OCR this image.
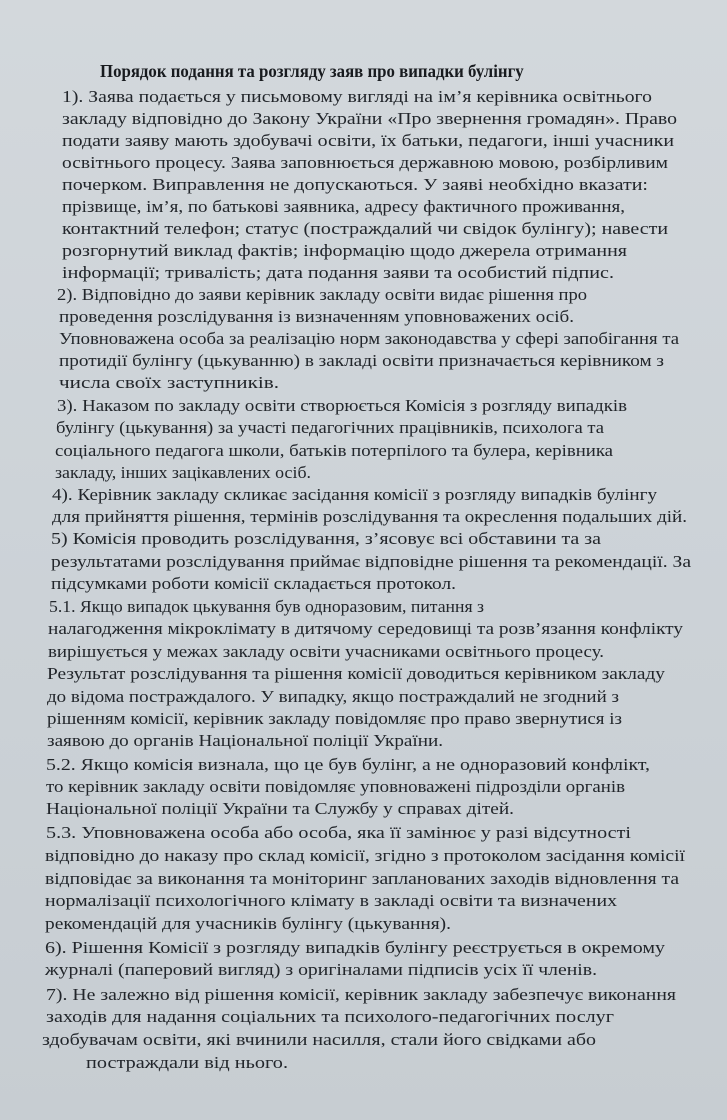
Порядок подання та розгляду заяв про випадки булінгу
1). Заява подається у письмовому вигляді на ім’я керівника освітнього
закладу відповідно до Закону України «Про звернення громадян». Право
подати заяву мають здобувачі освіти, їх батьки, педагоги, інші учасники
освітнього процесу. Заява заповнюється державною мовою, розбірливим
почерком. Виправлення не допускаються. У заяві необхідно вказати:
прізвище, ім’я, по батькові заявника, адресу фактичного проживання,
контактний телефон; статус (постраждалий чи свідок булінгу); навести
розгорнутий виклад фактів; інформацію щодо джерела отримання
інформації; тривалість; дата подання заяви та особистий підпис.
2). Відповідно до заяви керівник закладу освіти видає рішення про
проведення розслідування із визначенням уповноважених осіб.
Уповноважена особа за реалізацію норм законодавства у сфері запобігання та
протидії булінгу (цькуванню) в закладі освіти призначається керівником з
числа своїх заступників.
3). Наказом по закладу освіти створюється Комісія з розгляду випадків
булінгу (цькування) за участі педагогічних працівників, психолога та
соціального педагога школи, батьків потерпілого та булера, керівника
закладу, інших зацікавлених осіб.
4). Керівник закладу скликає засідання комісії з розгляду випадків булінгу
для прийняття рішення, термінів розслідування та окреслення подальших дій.
5) Комісія проводить розслідування, з’ясовує всі обставини та за
результатами розслідування приймає відповідне рішення та рекомендації. За
підсумками роботи комісії складається протокол.
5.1. Якщо випадок цькування був одноразовим, питання з
налагодження мікроклімату в дитячому середовищі та розв’язання конфлікту
вирішується у межах закладу освіти учасниками освітнього процесу.
Результат розслідування та рішення комісії доводиться керівником закладу
до відома постраждалого. У випадку, якщо постраждалий не згодний з
рішенням комісії, керівник закладу повідомляє про право звернутися із
заявою до органів Національної поліції України.
5.2. Якщо комісія визнала, що це був булінг, а не одноразовий конфлікт,
то керівник закладу освіти повідомляє уповноважені підрозділи органів
Національної поліції України та Службу у справах дітей.
5.3. Уповноважена особа або особа, яка її замінює у разі відсутності
відповідно до наказу про склад комісії, згідно з протоколом засідання комісії
відповідає за виконання та моніторинг запланованих заходів відновлення та
нормалізації психологічного клімату в закладі освіти та визначених
рекомендацій для учасників булінгу (цькування).
6). Рішення Комісії з розгляду випадків булінгу реєструється в окремому
журналі (паперовий вигляд) з оригіналами підписів усіх її членів.
7). Не залежно від рішення комісії, керівник закладу забезпечує виконання
заходів для надання соціальних та психолого-педагогічних послуг
здобувачам освіти, які вчинили насилля, стали його свідками або
постраждали від нього.
